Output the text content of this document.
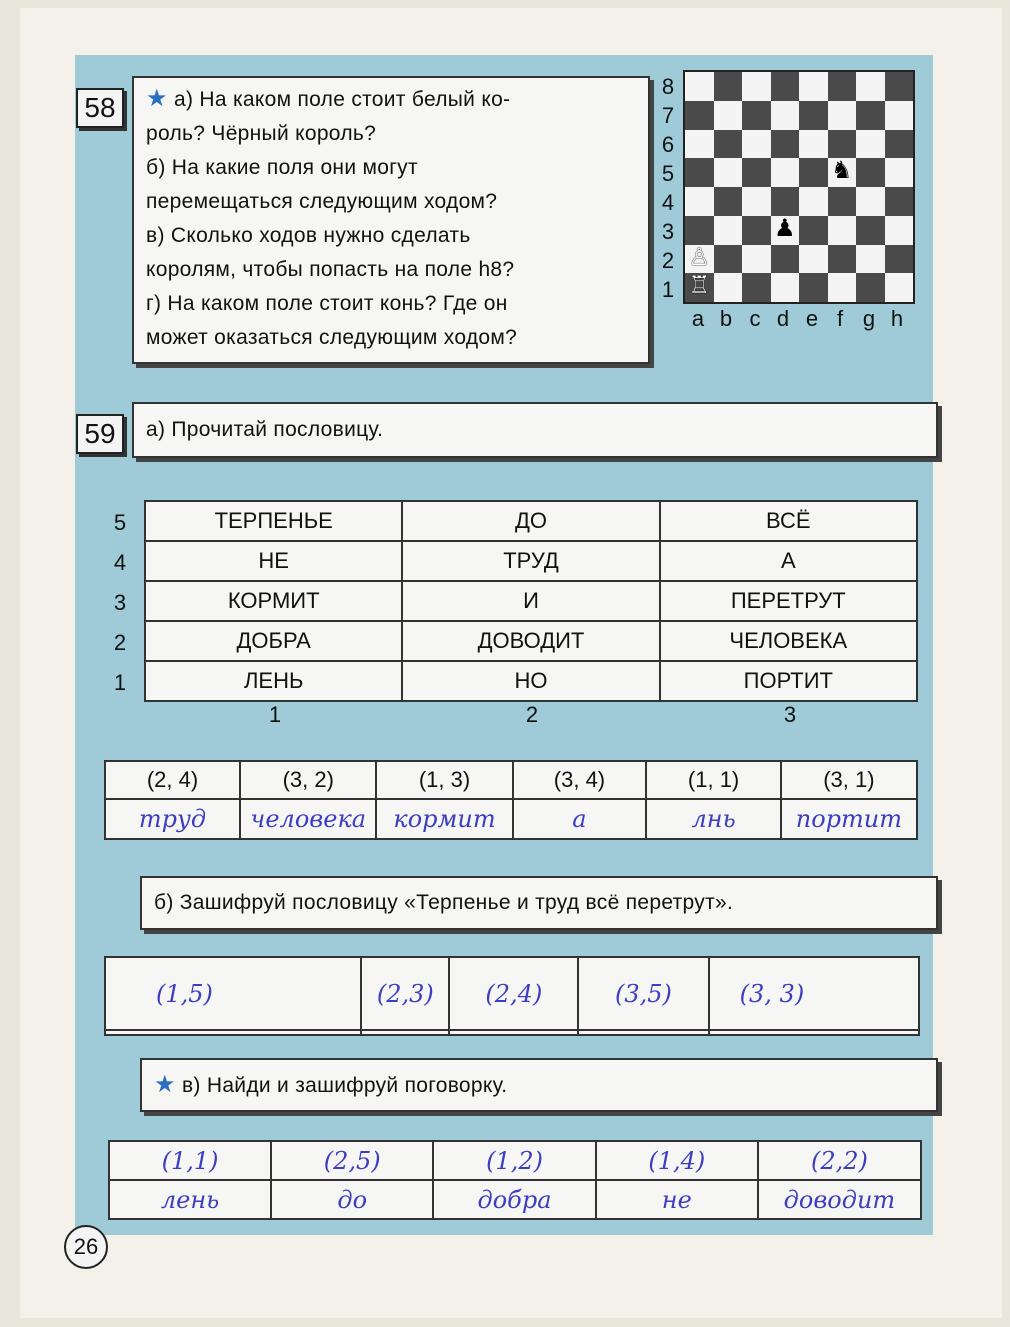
58	★ а) На каком поле стоит белый ко-

роль? Чёрный король?

б) На какие поля они могут

перемещаться следующим ходом?

в) Сколько ходов нужно сделать

королям, чтобы попасть на поле h8?

г) На каком поле стоит конь? Где он

может оказаться следующим ходом?

♞
♟
♙
♖
8
7
6
5
4
3
2
1
a b c d e f g h
59	а) Прочитай пословицу.
5
4
3
2
1
ТЕРПЕНЬЕ	ДО	ВСЁ
НЕ	ТРУД	А
КОРМИТ	И	ПЕРЕТРУТ
ДОБРА	ДОВОДИТ	ЧЕЛОВЕКА
ЛЕНЬ	НО	ПОРТИТ
1	2	3
(2, 4)	(3, 2)	(1, 3)	(3, 4)	(1, 1)	(3, 1)
труд	человека	кормит	а	лнь	портит
б) Зашифруй пословицу «Терпенье и труд всё перетрут».
(1,5)	(2,3)	(2,4)	(3,5)	(3, 3)

★ в) Найди и зашифруй поговорку.
(1,1)	(2,5)	(1,2)	(1,4)	(2,2)
лень	до	добра	не	доводит
26
